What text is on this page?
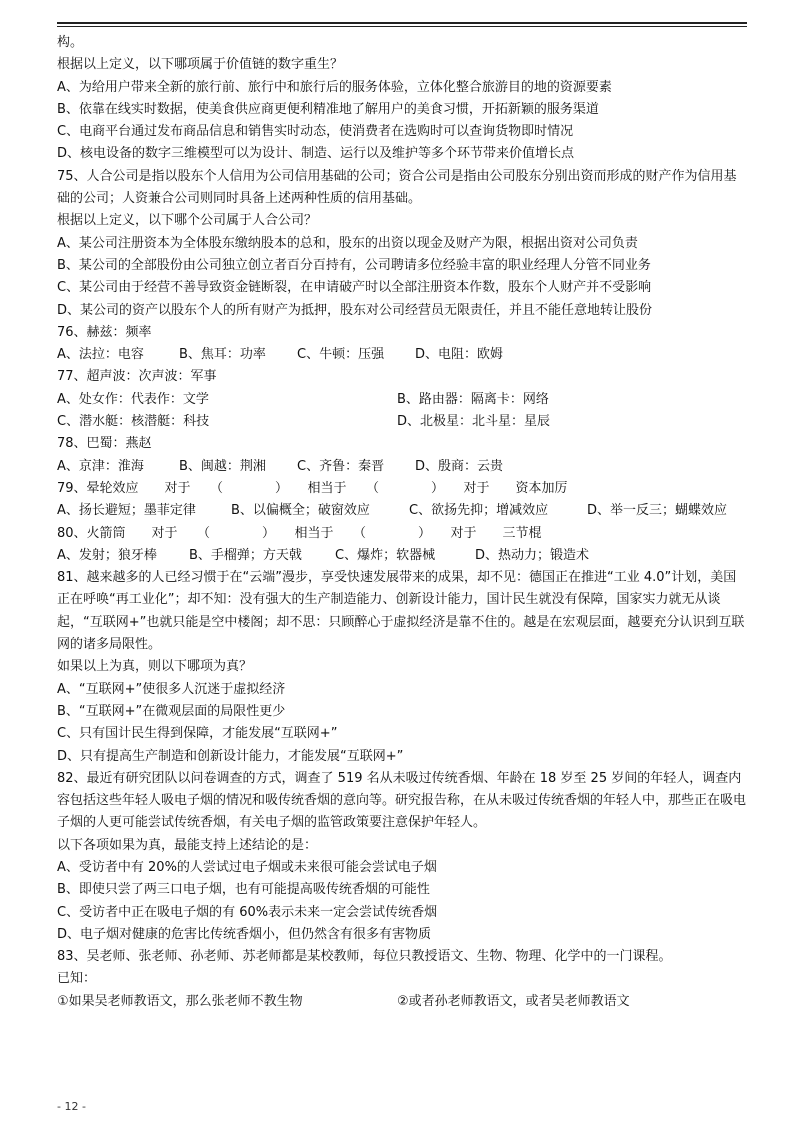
构。

根据以上定义，以下哪项属于价值链的数字重生？

A、为给用户带来全新的旅行前、旅行中和旅行后的服务体验，立体化整合旅游目的地的资源要素

B、依靠在线实时数据，使美食供应商更便利精准地了解用户的美食习惯，开拓新颖的服务渠道

C、电商平台通过发布商品信息和销售实时动态，使消费者在选购时可以查询货物即时情况

D、核电设备的数字三维模型可以为设计、制造、运行以及维护等多个环节带来价值增长点

75、人合公司是指以股东个人信用为公司信用基础的公司；资合公司是指由公司股东分别出资而形成的财产作为信用基础的公司；人资兼合公司则同时具备上述两种性质的信用基础。

根据以上定义，以下哪个公司属于人合公司？

A、某公司注册资本为全体股东缴纳股本的总和，股东的出资以现金及财产为限，根据出资对公司负责

B、某公司的全部股份由公司独立创立者百分百持有，公司聘请多位经验丰富的职业经理人分管不同业务

C、某公司由于经营不善导致资金链断裂，在申请破产时以全部注册资本作数，股东个人财产并不受影响

D、某公司的资产以股东个人的所有财产为抵押，股东对公司经营员无限责任，并且不能任意地转让股份

76、赫兹：频率

A、法拉：电容	B、焦耳：功率 C、牛顿：压强 D、电阻：欧姆

77、超声波：次声波：军事

A、处女作：代表作：文学	B、路由器：隔离卡：网络
C、潜水艇：核潜艇：科技	D、北极星：北斗星：星辰

78、巴蜀：燕赵

A、京津：淮海	B、闽越：荆湘 C、齐鲁：秦晋 D、殷商：云贵

79、晕轮效应　　对于　　（　　　　）　　相当于　　（　　　　）　　对于　　资本加厉

A、扬长避短；墨菲定律	B、以偏概全；破窗效应	C、欲扬先抑；增减效应	D、举一反三；蝴蝶效应

80、火箭筒　　对于　　（　　　　）　　相当于　　（　　　　）　　对于　　三节棍

A、发射；狼牙棒 B、手榴弹；方天戟	C、爆炸；软器械	D、热动力；锻造术

81、越来越多的人已经习惯于在“云端”漫步，享受快速发展带来的成果，却不见：德国正在推进“工业 4.0”计划，美国正在呼唤“再工业化”；却不知：没有强大的生产制造能力、创新设计能力，国计民生就没有保障，国家实力就无从谈起，“互联网+”也就只能是空中楼阁；却不思：只顾醉心于虚拟经济是靠不住的。越是在宏观层面，越要充分认识到互联网的诸多局限性。

如果以上为真，则以下哪项为真？

A、“互联网+”使很多人沉迷于虚拟经济

B、“互联网+”在微观层面的局限性更少

C、只有国计民生得到保障，才能发展“互联网+”

D、只有提高生产制造和创新设计能力，才能发展“互联网+”

82、最近有研究团队以问卷调查的方式，调查了 519 名从未吸过传统香烟、年龄在 18 岁至 25 岁间的年轻人，调查内容包括这些年轻人吸电子烟的情况和吸传统香烟的意向等。研究报告称，在从未吸过传统香烟的年轻人中，那些正在吸电子烟的人更可能尝试传统香烟，有关电子烟的监管政策要注意保护年轻人。

以下各项如果为真，最能支持上述结论的是：

A、受访者中有 20%的人尝试过电子烟或未来很可能会尝试电子烟

B、即使只尝了两三口电子烟，也有可能提高吸传统香烟的可能性

C、受访者中正在吸电子烟的有 60%表示未来一定会尝试传统香烟

D、电子烟对健康的危害比传统香烟小，但仍然含有很多有害物质

83、吴老师、张老师、孙老师、苏老师都是某校教师，每位只教授语文、生物、物理、化学中的一门课程。

已知：

①如果吴老师教语文，那么张老师不教生物	②或者孙老师教语文，或者吴老师教语文
- 12 -
